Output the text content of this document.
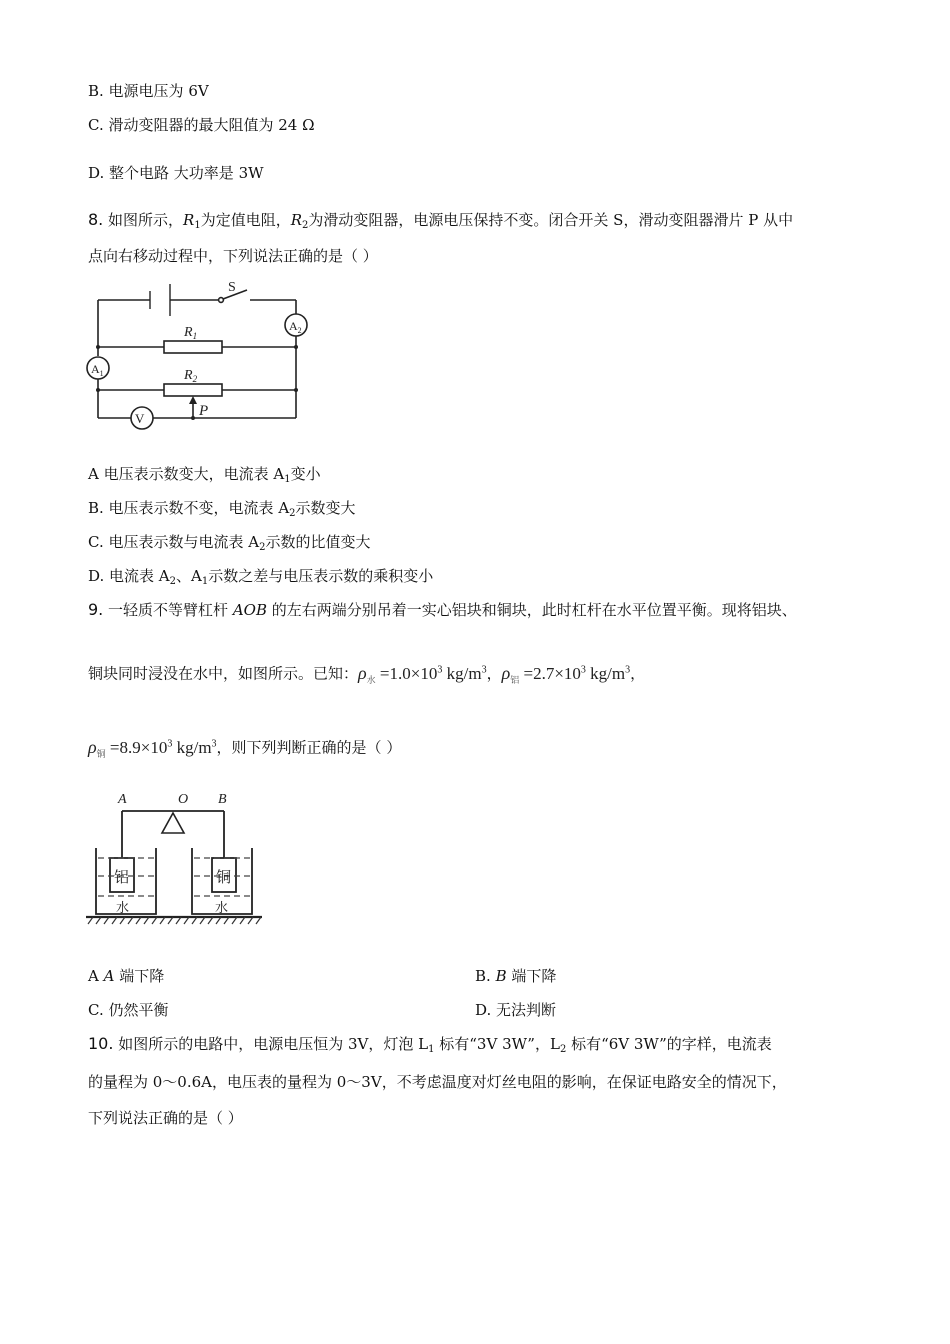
B. 电源电压为 6V
C. 滑动变阻器的最大阻值为 24 Ω
D. 整个电路 大功率是 3W
8. 如图所示，$R_1$为定值电阻，$R_2$为滑动变阻器，电源电压保持不变。闭合开关 S，滑动变阻器滑片 P 从中
点向右移动过程中，下列说法正确的是（ ）
S
$A_2$
$A_1$
V
$R_1$
$R_2$
P
A 电压表示数变大，电流表 $A_1$变小
B. 电压表示数不变，电流表 $A_2$示数变大
C. 电压表示数与电流表 $A_2$示数的比值变大
D. 电流表 $A_2$、$A_1$示数之差与电压表示数的乘积变小
9. 一轻质不等臂杠杆 AOB 的左右两端分别吊着一实心铝块和铜块，此时杠杆在水平位置平衡。现将铝块、
铜块同时浸没在水中，如图所示。已知：$\rho_水 =1.0\times 10^3$ $kg/m^3$，$\rho_铝 =2.7\times 10^3$ $kg/m^3$，
$\rho_铜 =8.9\times 10^3$ $kg/m^3$，则下列判断正确的是（ ）
A	O B
铝	铜
水	水
A A 端下降	B. B 端下降
C. 仍然平衡	D. 无法判断
10. 如图所示的电路中，电源电压恒为 3V，灯泡 $L_1$ 标有“3V 3W”，$L_2$ 标有“6V 3W”的字样，电流表
的量程为 0～0.6A，电压表的量程为 0～3V，不考虑温度对灯丝电阻的影响，在保证电路安全的情况下，
下列说法正确的是（ ）
